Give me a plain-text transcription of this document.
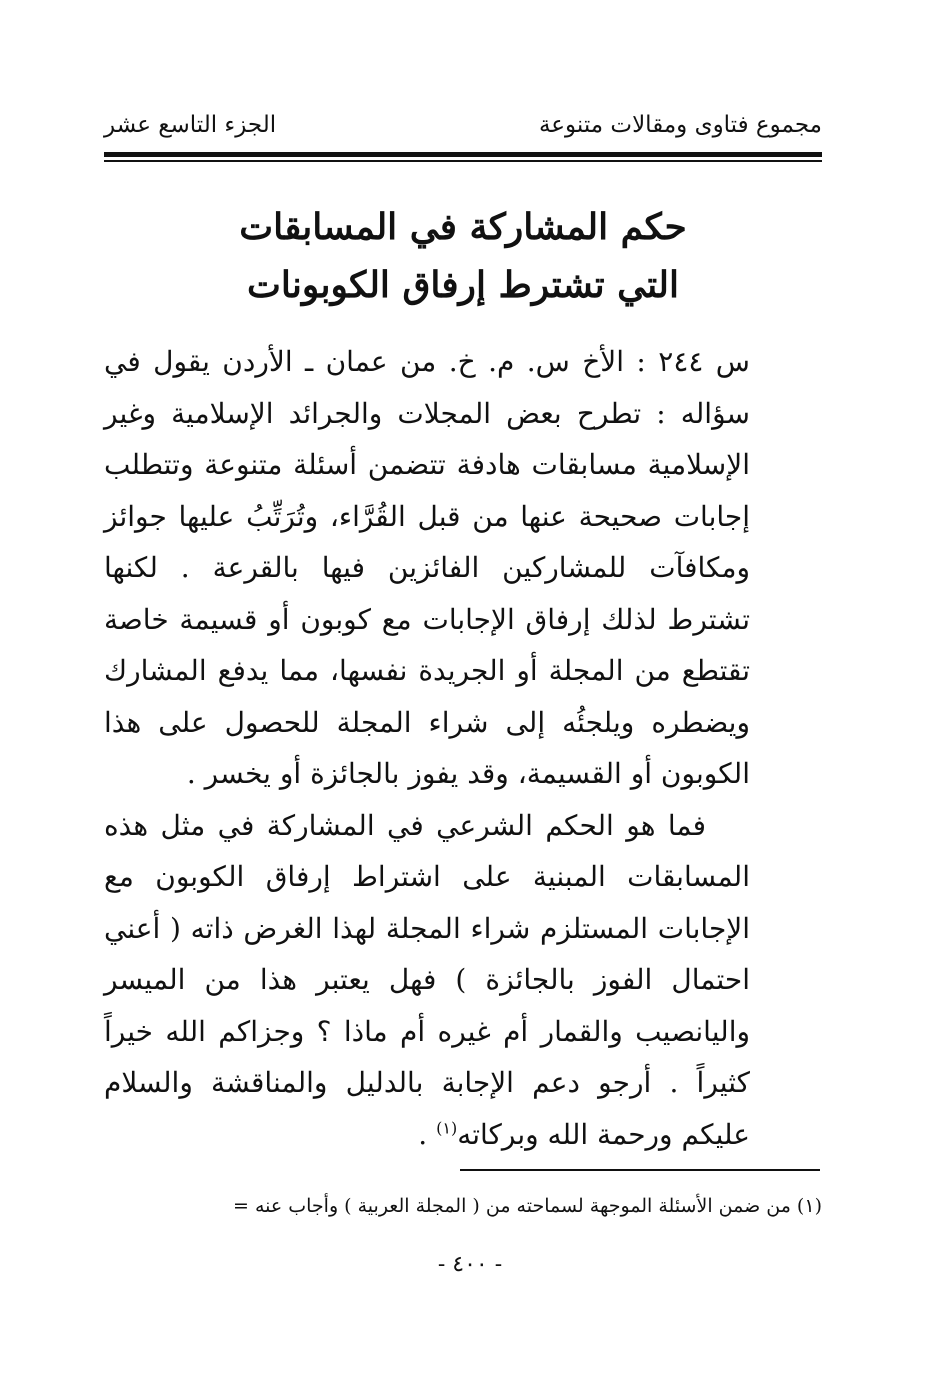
مجموع فتاوى ومقالات متنوعة
الجزء التاسع عشر
حكم المشاركة في المسابقات
التي تشترط إرفاق الكوبونات

س ٢٤٤ : الأخ س. م. خ. من عمان ـ الأردن يقول في سؤاله : تطرح بعض المجلات والجرائد الإسلامية وغير الإسلامية مسابقات هادفة تتضمن أسئلة متنوعة وتتطلب إجابات صحيحة عنها من قبل القُرَّاء، وتُرَتِّبُ عليها جوائز ومكافآت للمشاركين الفائزين فيها بالقرعة . لكنها تشترط لذلك إرفاق الإجابات مع كوبون أو قسيمة خاصة تقتطع من المجلة أو الجريدة نفسها، مما يدفع المشارك ويضطره ويلجئُه إلى شراء المجلة للحصول على هذا الكوبون أو القسيمة، وقد يفوز بالجائزة أو يخسر .

فما هو الحكم الشرعي في المشاركة في مثل هذه المسابقات المبنية على اشتراط إرفاق الكوبون مع الإجابات المستلزم شراء المجلة لهذا الغرض ذاته ( أعني احتمال الفوز بالجائزة ) فهل يعتبر هذا من الميسر واليانصيب والقمار أم غيره أم ماذا ؟ وجزاكم الله خيراً كثيراً . أرجو دعم الإجابة بالدليل والمناقشة والسلام عليكم ورحمة الله وبركاته$^{(١)}$ .

(١) من ضمن الأسئلة الموجهة لسماحته من ( المجلة العربية ) وأجاب عنه =
- ٤٠٠ -
